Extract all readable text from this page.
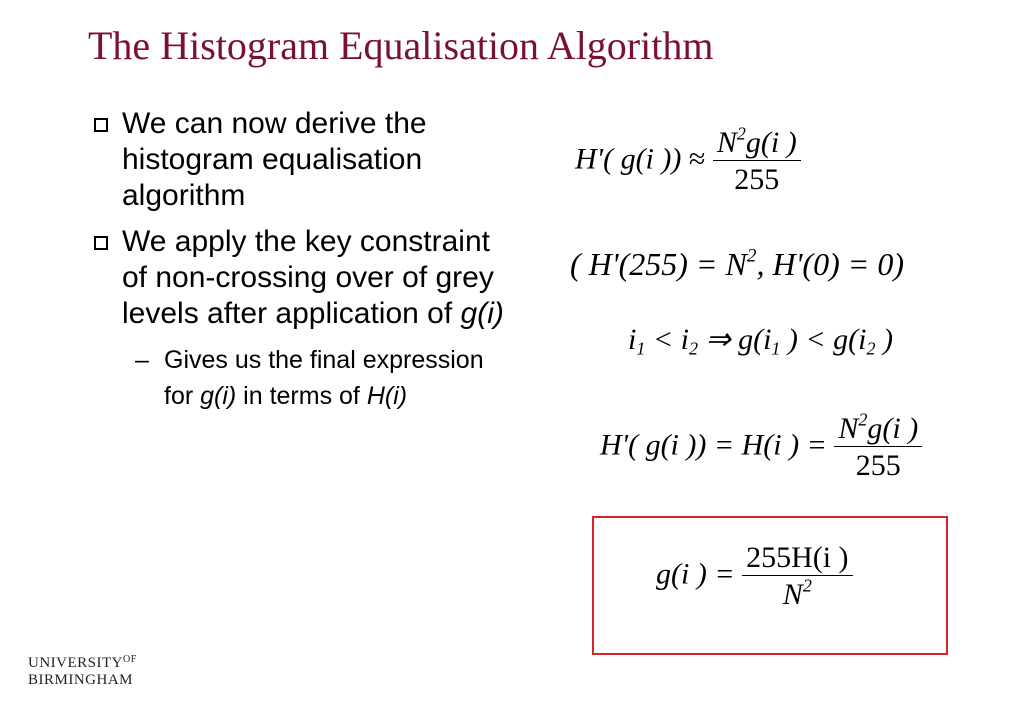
The Histogram Equalisation Algorithm
We can now derive the histogram equalisation algorithm
We apply the key constraint of non-crossing over of grey levels after application of g(i)
– Gives us the final expression for g(i) in terms of H(i)
H'( g(i )) ≈ $\frac{N^2g(i )}{255}$
( $H'(255) = N^2$, H'(0) = 0)
$i_1 < i_2$ ⇒ $g(i_1$ ) < $g(i_2$ )
H'( g(i )) = H(i ) = $\frac{N^2g(i )}{255}$
g(i ) = $\frac{255H(i )}{N^2}$
$UNIVERSITY^{OF}$
BIRMINGHAM
